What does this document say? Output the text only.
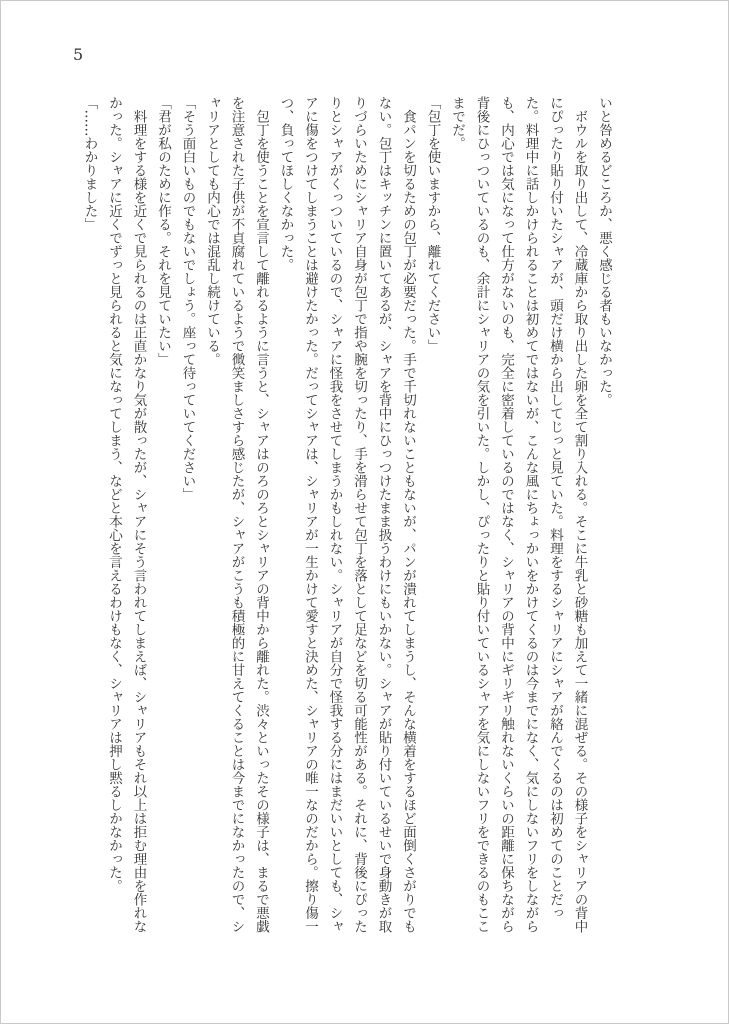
5

いと咎めるどころか、悪く感じる者もいなかった。

　ボウルを取り出して、冷蔵庫から取り出した卵を全て割り入れる。そこに牛乳と砂糖も加えて一緒に混ぜる。その様子をシャリアの背中にぴったり貼り付いたシャアが、頭だけ横から出してじっと見ていた。料理をするシャリアにシャアが絡んでくるのは初めてのことだった。料理中に話しかけられることは初めてではないが、こんな風にちょっかいをかけてくるのは今までになく、気にしないフリをしながらも、内心では気になって仕方がないのも、完全に密着しているのではなく、シャリアの背中にギリギリ触れないくらいの距離に保ちながら背後にひっついているのも、余計にシャリアの気を引いた。しかし、ぴったりと貼り付いているシャアを気にしないフリをできるのもここまでだ。

「包丁を使いますから、離れてください」

　食パンを切るための包丁が必要だった。手で千切れないこともないが、パンが潰れてしまうし、そんな横着をするほど面倒くさがりでもない。包丁はキッチンに置いてあるが、シャアを背中にひっつけたまま扱うわけにもいかない。シャアが貼り付いているせいで身動きが取りづらいためにシャリア自身が包丁で指や腕を切ったり、手を滑らせて包丁を落として足などを切る可能性がある。それに、背後にぴったりとシャアがくっついているので、シャアに怪我をさせてしまうかもしれない。シャリアが自分で怪我する分にはまだいいとしても、シャアに傷をつけてしまうことは避けたかった。だってシャアは、シャリアが一生かけて愛すと決めた、シャリアの唯一なのだから。擦り傷一つ、負ってほしくなかった。

　包丁を使うことを宣言して離れるように言うと、シャアはのろのろとシャリアの背中から離れた。渋々といったその様子は、まるで悪戯を注意された子供が不貞腐れているようで微笑ましさすら感じたが、シャアがこうも積極的に甘えてくることは今までになかったので、シャリアとしても内心では混乱し続けている。

「そう面白いものでもないでしょう。座って待っていてください」

「君が私のために作る。それを見ていたい」

　料理をする様を近くで見られるのは正直かなり気が散ったが、シャアにそう言われてしまえば、シャリアもそれ以上は拒む理由を作れなかった。シャアに近くでずっと見られると気になってしまう、などと本心を言えるわけもなく、シャリアは押し黙るしかなかった。

「……わかりました」
